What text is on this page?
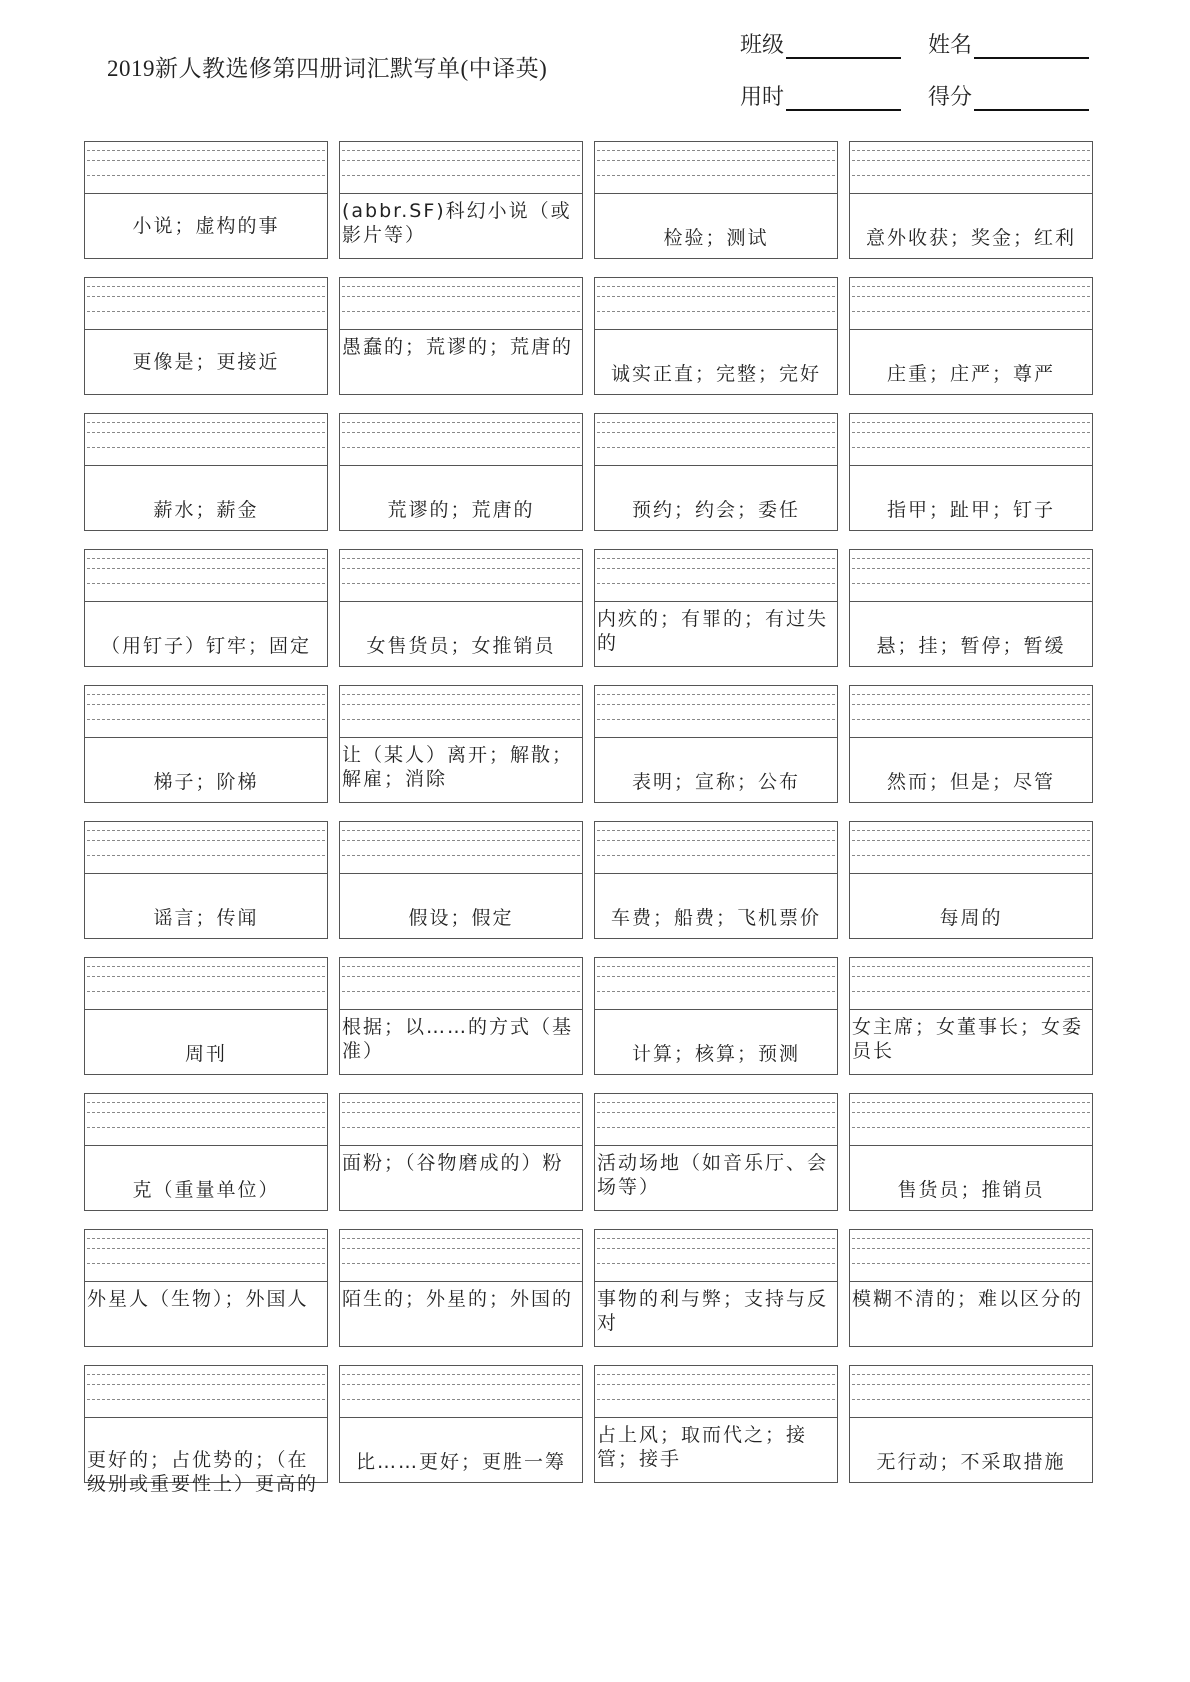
2019新人教选修第四册词汇默写单(中译英)
班级	姓名
用时	得分
小说；虚构的事
(abbr.SF)科幻小说（或影片等）	检验；测试	意外收获；奖金；红利
更像是；更接近
愚蠢的；荒谬的；荒唐的
诚实正直；完整；完好	庄重；庄严；尊严
薪水；薪金	荒谬的；荒唐的	预约；约会；委任	指甲；趾甲；钉子
（用钉子）钉牢；固定	女售货员；女推销员
内疚的；有罪的；有过失的	悬；挂；暂停；暂缓
梯子；阶梯
让（某人）离开；解散；解雇；消除	表明；宣称；公布	然而；但是；尽管
谣言；传闻	假设；假定	车费；船费；飞机票价	每周的
周刊
根据；以……的方式（基准）	计算；核算；预测
女主席；女董事长；女委员长
克（重量单位）
面粉；（谷物磨成的）粉	活动场地（如音乐厅、会场等）	售货员；推销员
外星人（生物）；外国人	陌生的；外星的；外国的	事物的利与弊；支持与反对
模糊不清的；难以区分的
更好的；占优势的；（在级别或重要性上）更高的
比……更好；更胜一筹
占上风；取而代之；接管；接手	无行动；不采取措施
